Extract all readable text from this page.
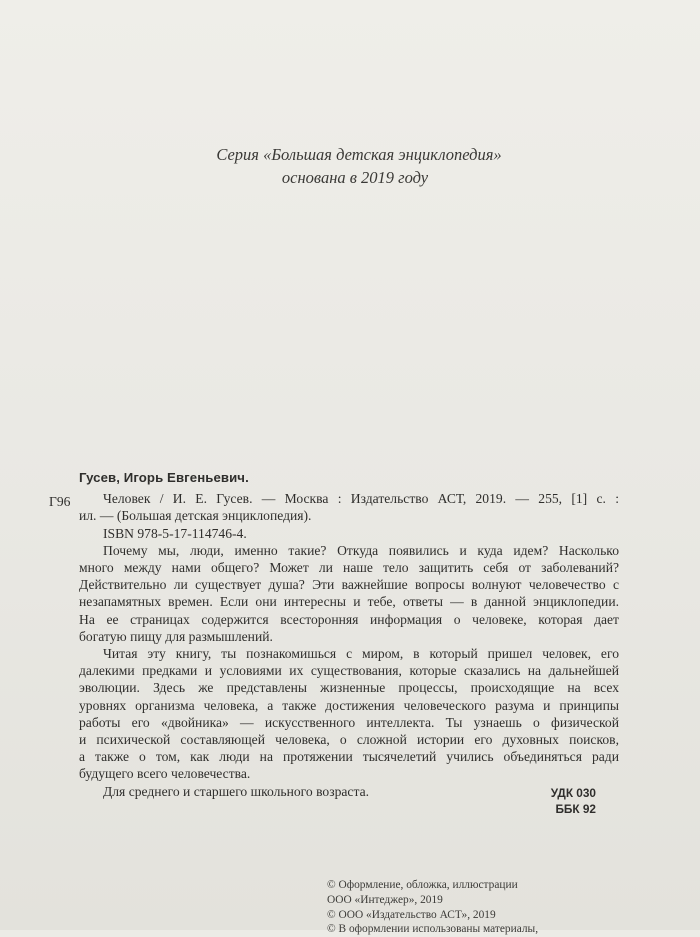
Серия «Большая детская энциклопедия»
основана в 2019 году
Г96
Гусев, Игорь Евгеньевич.
Человек / И. Е. Гусев. — Москва : Издательство АСТ, 2019. — 255, [1] с. :
ил. — (Большая детская энциклопедия).
ISBN 978-5-17-114746-4.
Почему мы, люди, именно такие? Откуда появились и куда идем? Насколько
много между нами общего? Может ли наше тело защитить себя от заболеваний?
Действительно ли существует душа? Эти важнейшие вопросы волнуют человечество с
незапамятных времен. Если они интересны и тебе, ответы — в данной энциклопедии.
На ее страницах содержится всесторонняя информация о человеке, которая дает
богатую пищу для размышлений.
Читая эту книгу, ты познакомишься с миром, в который пришел человек, его
далекими предками и условиями их существования, которые сказались на дальнейшей
эволюции. Здесь же представлены жизненные процессы, происходящие на всех
уровнях организма человека, а также достижения человеческого разума и принципы
работы его «двойника» — искусственного интеллекта. Ты узнаешь о физической
и психической составляющей человека, о сложной истории его духовных поисков,
а также о том, как люди на протяжении тысячелетий учились объединяться ради
будущего всего человечества.
Для среднего и старшего школьного возраста.	УДК 030
ББК 92
© Оформление, обложка, иллюстрации
ООО «Интеджер», 2019
© ООО «Издательство АСТ», 2019
© В оформлении использованы материалы,
